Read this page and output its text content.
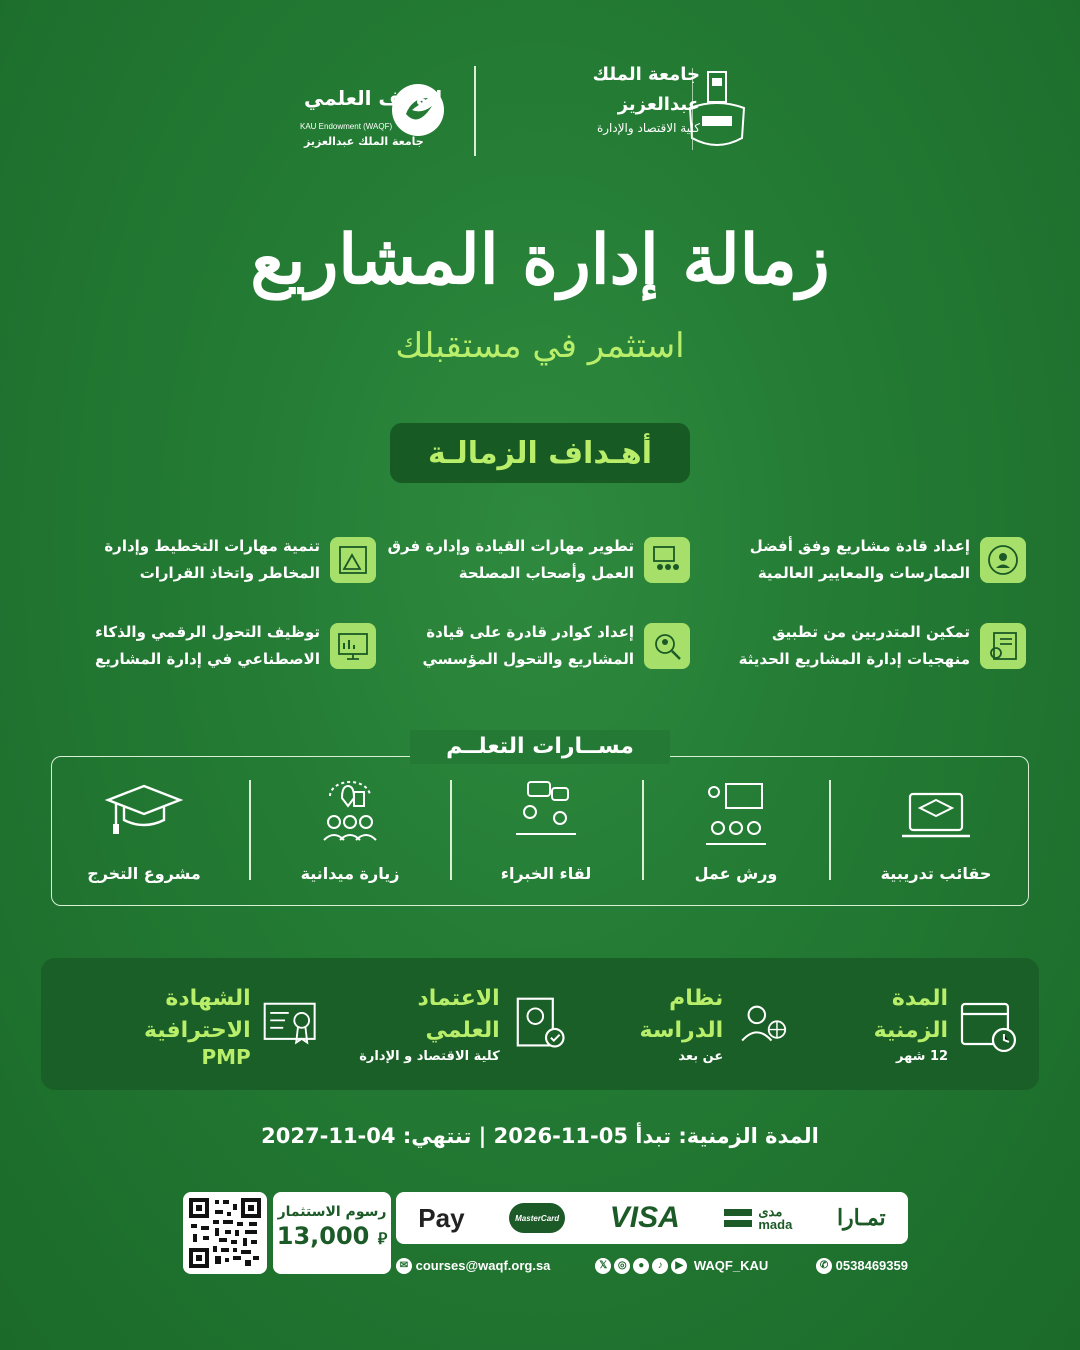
جامعة الملك عبدالعزيز
كلية الاقتصاد والإدارة
الوقف العلمي
KAU Endowment (WAQF)
جامعة الملك عبدالعزيز
زمالة إدارة المشاريع
استثمر في مستقبلك
أهـداف الزمالـة
إعداد قادة مشاريع وفق أفضل الممارسات والمعايير العالمية
تطوير مهارات القيادة وإدارة فرق العمل وأصحاب المصلحة
تنمية مهارات التخطيط وإدارة المخاطر واتخاذ القرارات
تمكين المتدربين من تطبيق منهجيات إدارة المشاريع الحديثة
إعداد كوادر قادرة على قيادة المشاريع والتحول المؤسسي
توظيف التحول الرقمي والذكاء الاصطناعي في إدارة المشاريع
مســارات التعلــم
حقائب تدريبية
ورش عمل
لقاء الخبراء
زيارة ميدانية
مشروع التخرج
المدة الزمنية
12 شهر
نظام الدراسة
عن بعد
الاعتماد العلمي
كلية الاقتصاد و الإدارة
الشهادة الاحترافية
PMP
المدة الزمنية: تبدأ 2026-11-05 | تنتهي: 2027-11-04
رسوم الاستثمار
13,000 ⃁
Pay	MasterCard VISA	مدى
mada تمـارا
✉ courses@waqf.org.sa	𝕏 ◎ ● ♪ ▶ WAQF_KAU	✆ 0538469359
